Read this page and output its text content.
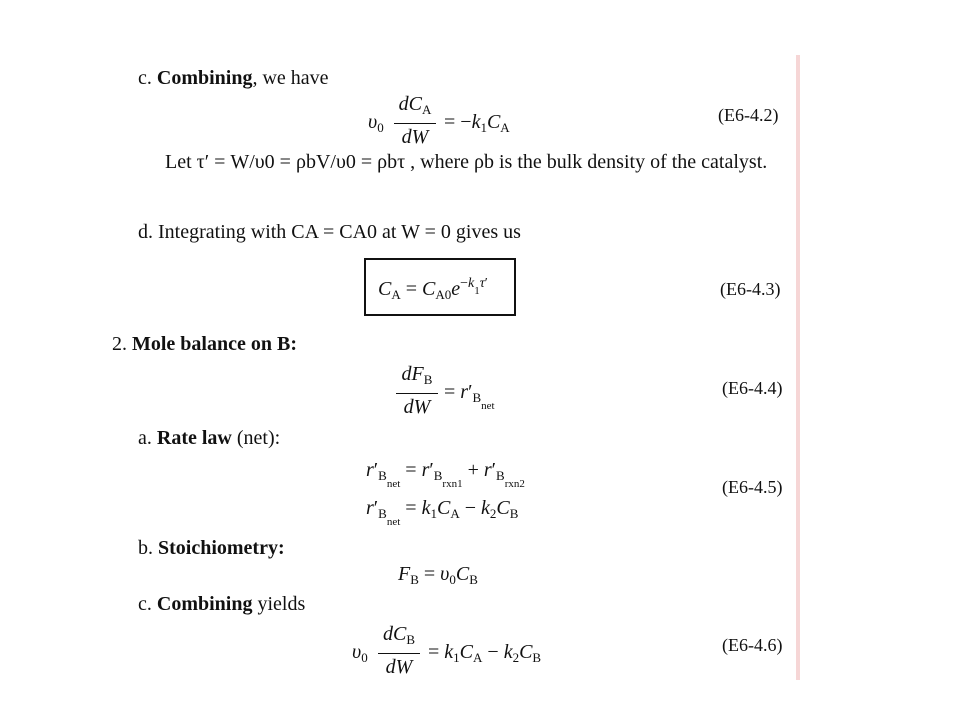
c. Combining, we have
$\upsilon_0$
$dC_A$
dW
= $-k_1C_A$
(E6-4.2)
Let τ′ = W/υ0 = ρbV/υ0 = ρbτ , where ρb is the bulk density of the catalyst.
d. Integrating with CA = CA0 at W = 0 gives us
$C_A = C_{A0}e^{-k_1\tau'}$	(E6-4.3)
2. Mole balance on B:
$dF_B$
dW
= $r'_{B_{net}}$
(E6-4.4)
a. Rate law (net):
$r'_{B_{net}} = r'_{B_{rxn1}} + r'_{B_{rxn2}}$
$r'_{B_{net}} = k_1C_A - k_2C_B$
(E6-4.5)
b. Stoichiometry:
$F_B = \upsilon_0C_B$
c. Combining yields
$\upsilon_0$
$dC_B$
dW
= $k_1C_A - k_2C_B$
(E6-4.6)
